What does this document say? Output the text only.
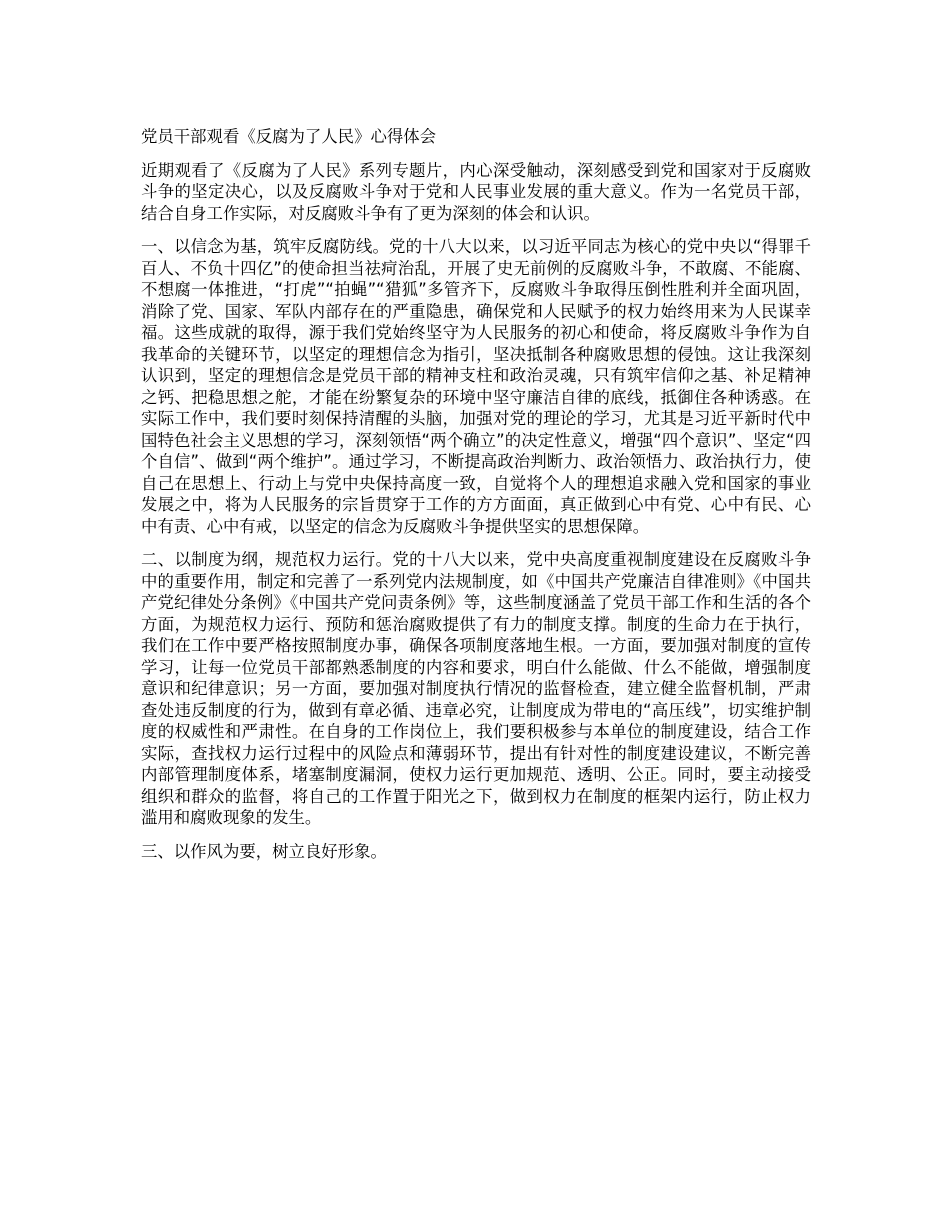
党员干部观看《反腐为了人民》心得体会

近期观看了《反腐为了人民》系列专题片，内心深受触动，深刻感受到党和国家对于反腐败斗争的坚定决心，以及反腐败斗争对于党和人民事业发展的重大意义。作为一名党员干部，结合自身工作实际，对反腐败斗争有了更为深刻的体会和认识。

一、以信念为基，筑牢反腐防线。党的十八大以来，以习近平同志为核心的党中央以“得罪千百人、不负十四亿”的使命担当祛疴治乱，开展了史无前例的反腐败斗争，不敢腐、不能腐、不想腐一体推进，“打虎”“拍蝇”“猎狐”多管齐下，反腐败斗争取得压倒性胜利并全面巩固，消除了党、国家、军队内部存在的严重隐患，确保党和人民赋予的权力始终用来为人民谋幸福。这些成就的取得，源于我们党始终坚守为人民服务的初心和使命，将反腐败斗争作为自我革命的关键环节，以坚定的理想信念为指引，坚决抵制各种腐败思想的侵蚀。这让我深刻认识到，坚定的理想信念是党员干部的精神支柱和政治灵魂，只有筑牢信仰之基、补足精神之钙、把稳思想之舵，才能在纷繁复杂的环境中坚守廉洁自律的底线，抵御住各种诱惑。在实际工作中，我们要时刻保持清醒的头脑，加强对党的理论的学习，尤其是习近平新时代中国特色社会主义思想的学习，深刻领悟“两个确立”的决定性意义，增强“四个意识”、坚定“四个自信”、做到“两个维护”。通过学习，不断提高政治判断力、政治领悟力、政治执行力，使自己在思想上、行动上与党中央保持高度一致，自觉将个人的理想追求融入党和国家的事业发展之中，将为人民服务的宗旨贯穿于工作的方方面面，真正做到心中有党、心中有民、心中有责、心中有戒，以坚定的信念为反腐败斗争提供坚实的思想保障。

二、以制度为纲，规范权力运行。党的十八大以来，党中央高度重视制度建设在反腐败斗争中的重要作用，制定和完善了一系列党内法规制度，如《中国共产党廉洁自律准则》《中国共产党纪律处分条例》《中国共产党问责条例》等，这些制度涵盖了党员干部工作和生活的各个方面，为规范权力运行、预防和惩治腐败提供了有力的制度支撑。制度的生命力在于执行，我们在工作中要严格按照制度办事，确保各项制度落地生根。一方面，要加强对制度的宣传学习，让每一位党员干部都熟悉制度的内容和要求，明白什么能做、什么不能做，增强制度意识和纪律意识；另一方面，要加强对制度执行情况的监督检查，建立健全监督机制，严肃查处违反制度的行为，做到有章必循、违章必究，让制度成为带电的“高压线”，切实维护制度的权威性和严肃性。在自身的工作岗位上，我们要积极参与本单位的制度建设，结合工作实际，查找权力运行过程中的风险点和薄弱环节，提出有针对性的制度建设建议，不断完善内部管理制度体系，堵塞制度漏洞，使权力运行更加规范、透明、公正。同时，要主动接受组织和群众的监督，将自己的工作置于阳光之下，做到权力在制度的框架内运行，防止权力滥用和腐败现象的发生。

三、以作风为要，树立良好形象。
